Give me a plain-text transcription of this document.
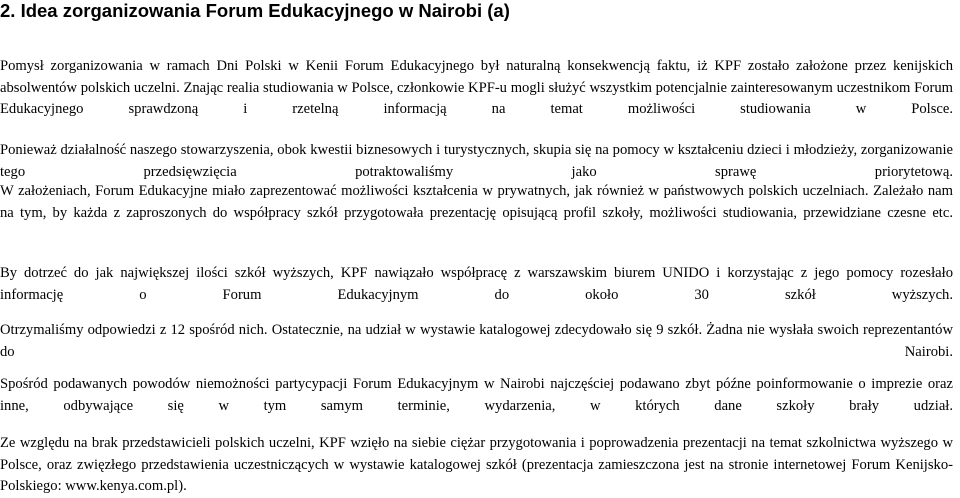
2. Idea zorganizowania Forum Edukacyjnego w Nairobi (a)

Pomysł zorganizowania w ramach Dni Polski w Kenii Forum Edukacyjnego był naturalną konsekwencją faktu, iż KPF zostało założone przez kenijskich absolwentów polskich uczelni. Znając realia studiowania w Polsce, członkowie KPF-u mogli służyć wszystkim potencjalnie zainteresowanym uczestnikom Forum Edukacyjnego sprawdzoną i rzetelną informacją na temat możliwości studiowania w Polsce.

Ponieważ działalność naszego stowarzyszenia, obok kwestii biznesowych i turystycznych, skupia się na pomocy w kształceniu dzieci i młodzieży, zorganizowanie tego przedsięwzięcia potraktowaliśmy jako sprawę priorytetową.

W założeniach, Forum Edukacyjne miało zaprezentować możliwości kształcenia w prywatnych, jak również w państwowych polskich uczelniach. Zależało nam na tym, by każda z zaproszonych do współpracy szkół przygotowała prezentację opisującą profil szkoły, możliwości studiowania, przewidziane czesne etc.

By dotrzeć do jak największej ilości szkół wyższych, KPF nawiązało współpracę z warszawskim biurem UNIDO i korzystając z jego pomocy rozesłało informację o Forum Edukacyjnym do około 30 szkół wyższych.

Otrzymaliśmy odpowiedzi z 12 spośród nich. Ostatecznie, na udział w wystawie katalogowej zdecydowało się 9 szkół. Żadna nie wysłała swoich reprezentantów do Nairobi.

Spośród podawanych powodów niemożności partycypacji Forum Edukacyjnym w Nairobi najczęściej podawano zbyt późne poinformowanie o imprezie oraz inne, odbywające się w tym samym terminie, wydarzenia, w których dane szkoły brały udział.

Ze względu na brak przedstawicieli polskich uczelni, KPF wzięło na siebie ciężar przygotowania i poprowadzenia prezentacji na temat szkolnictwa wyższego w Polsce, oraz zwięzłego przedstawienia uczestniczących w wystawie katalogowej szkół (prezentacja zamieszczona jest na stronie internetowej Forum Kenijsko-Polskiego: www.kenya.com.pl).
